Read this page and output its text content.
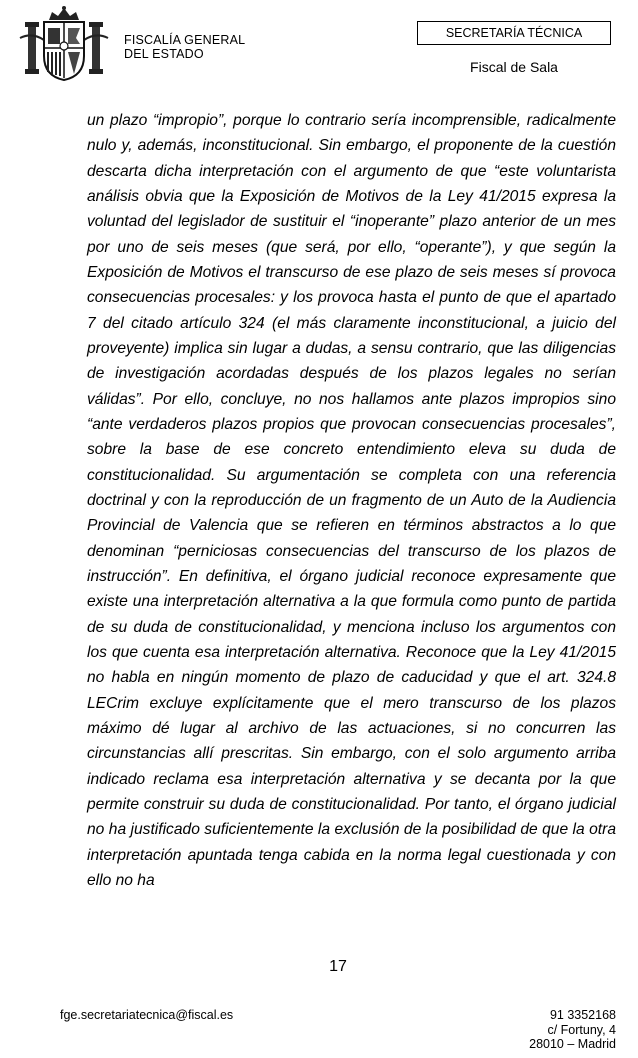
FISCALÍA GENERAL
DEL ESTADO
SECRETARÍA TÉCNICA
Fiscal de Sala

un plazo “impropio”, porque lo contrario sería incomprensible, radicalmente nulo y, además, inconstitucional. Sin embargo, el proponente de la cuestión descarta dicha interpretación con el argumento de que “este voluntarista análisis obvia que la Exposición de Motivos de la Ley 41/2015 expresa la voluntad del legislador de sustituir el “inoperante” plazo anterior de un mes por uno de seis meses (que será, por ello, “operante”), y que según la Exposición de Motivos el transcurso de ese plazo de seis meses sí provoca consecuencias procesales: y los provoca hasta el punto de que el apartado 7 del citado artículo 324 (el más claramente inconstitucional, a juicio del proveyente) implica sin lugar a dudas, a sensu contrario, que las diligencias de investigación acordadas después de los plazos legales no serían válidas”. Por ello, concluye, no nos hallamos ante plazos impropios sino “ante verdaderos plazos propios que provocan consecuencias procesales”, sobre la base de ese concreto entendimiento eleva su duda de constitucionalidad. Su argumentación se completa con una referencia doctrinal y con la reproducción de un fragmento de un Auto de la Audiencia Provincial de Valencia que se refieren en términos abstractos a lo que denominan “perniciosas consecuencias del transcurso de los plazos de instrucción”. En definitiva, el órgano judicial reconoce expresamente que existe una interpretación alternativa a la que formula como punto de partida de su duda de constitucionalidad, y menciona incluso los argumentos con los que cuenta esa interpretación alternativa. Reconoce que la Ley 41/2015 no habla en ningún momento de plazo de caducidad y que el art. 324.8 LECrim excluye explícitamente que el mero transcurso de los plazos máximo dé lugar al archivo de las actuaciones, si no concurren las circunstancias allí prescritas. Sin embargo, con el solo argumento arriba indicado reclama esa interpretación alternativa y se decanta por la que permite construir su duda de constitucionalidad. Por tanto, el órgano judicial no ha justificado suficientemente la exclusión de la posibilidad de que la otra interpretación apuntada tenga cabida en la norma legal cuestionada y con ello no ha

17
fge.secretariatecnica@fiscal.es	91 3352168
c/ Fortuny, 4
28010 – Madrid
